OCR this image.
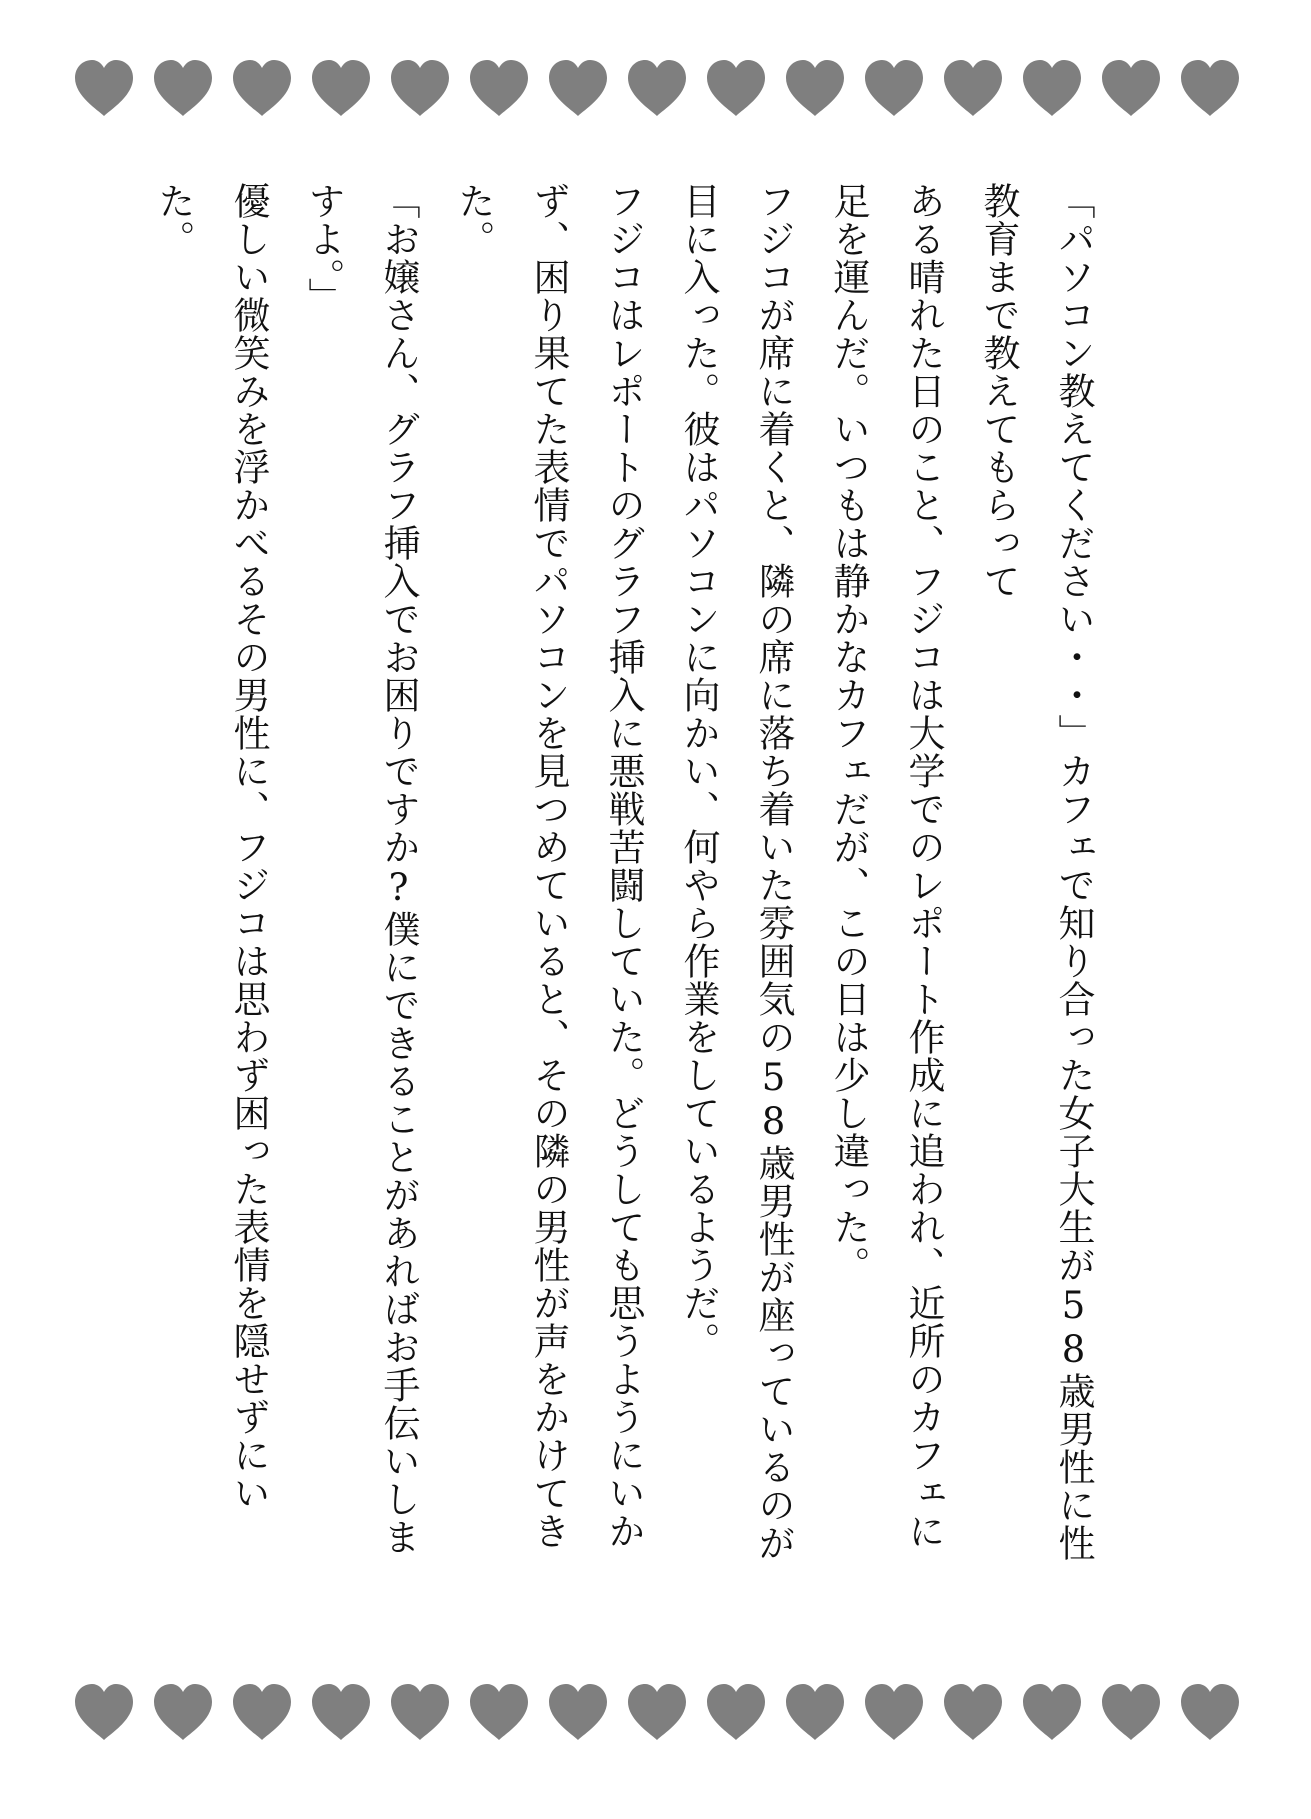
「パソコン教えてください・・」カフェで知り合った女子大生が58歳男性に性教育まで教えてもらって

ある晴れた日のこと、フジコは大学でのレポート作成に追われ、近所のカフェに足を運んだ。いつもは静かなカフェだが、この日は少し違った。

フジコが席に着くと、隣の席に落ち着いた雰囲気の58歳男性が座っているのが目に入った。彼はパソコンに向かい、何やら作業をしているようだ。

フジコはレポートのグラフ挿入に悪戦苦闘していた。どうしても思うようにいかず、困り果てた表情でパソコンを見つめていると、その隣の男性が声をかけてきた。

「お嬢さん、グラフ挿入でお困りですか?僕にできることがあればお手伝いしますよ。」

優しい微笑みを浮かべるその男性に、フジコは思わず困った表情を隠せずにいた。
